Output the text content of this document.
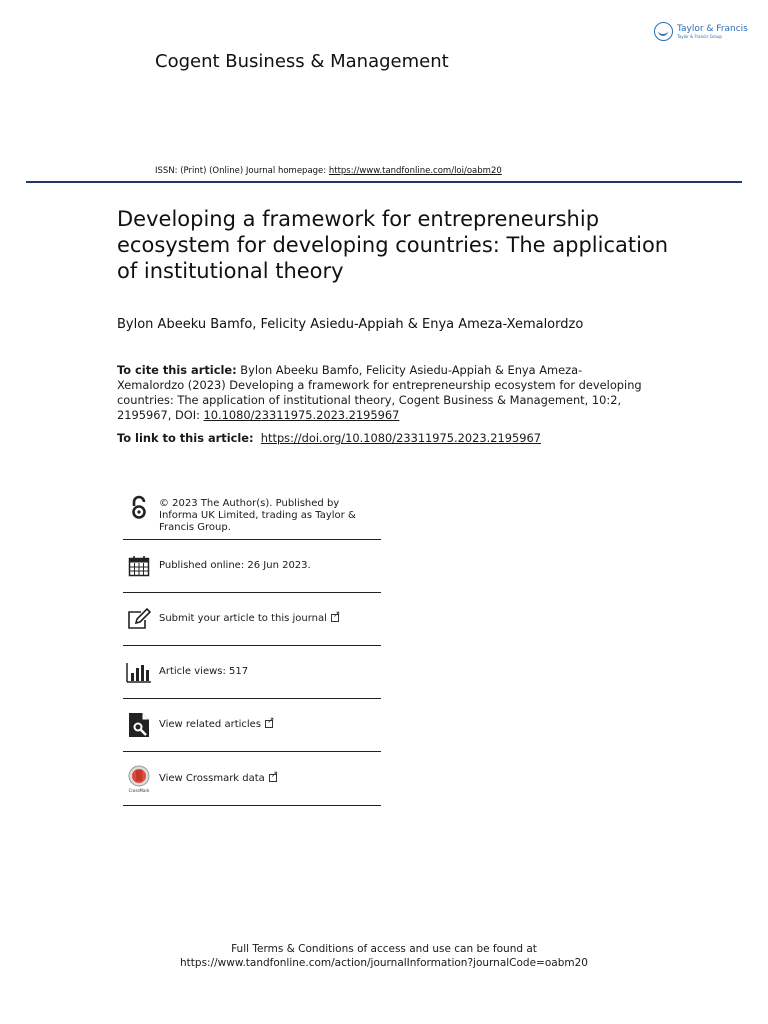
Cogent Business & Management
Taylor & Francis
Taylor & Francis Group
ISSN: (Print) (Online) Journal homepage: https://www.tandfonline.com/loi/oabm20
Developing a framework for entrepreneurship ecosystem for developing countries: The application of institutional theory
Bylon Abeeku Bamfo, Felicity Asiedu-Appiah & Enya Ameza-Xemalordzo
To cite this article: Bylon Abeeku Bamfo, Felicity Asiedu-Appiah & Enya Ameza-Xemalordzo (2023) Developing a framework for entrepreneurship ecosystem for developing countries: The application of institutional theory, Cogent Business & Management, 10:2, 2195967, DOI: 10.1080/23311975.2023.2195967
To link to this article: https://doi.org/10.1080/23311975.2023.2195967
© 2023 The Author(s). Published by Informa UK Limited, trading as Taylor & Francis Group.
Published online: 26 Jun 2023.
Submit your article to this journal↗
Article views: 517
View related articles↗
CrossMark
View Crossmark data↗
Full Terms & Conditions of access and use can be found at
https://www.tandfonline.com/action/journalInformation?journalCode=oabm20
